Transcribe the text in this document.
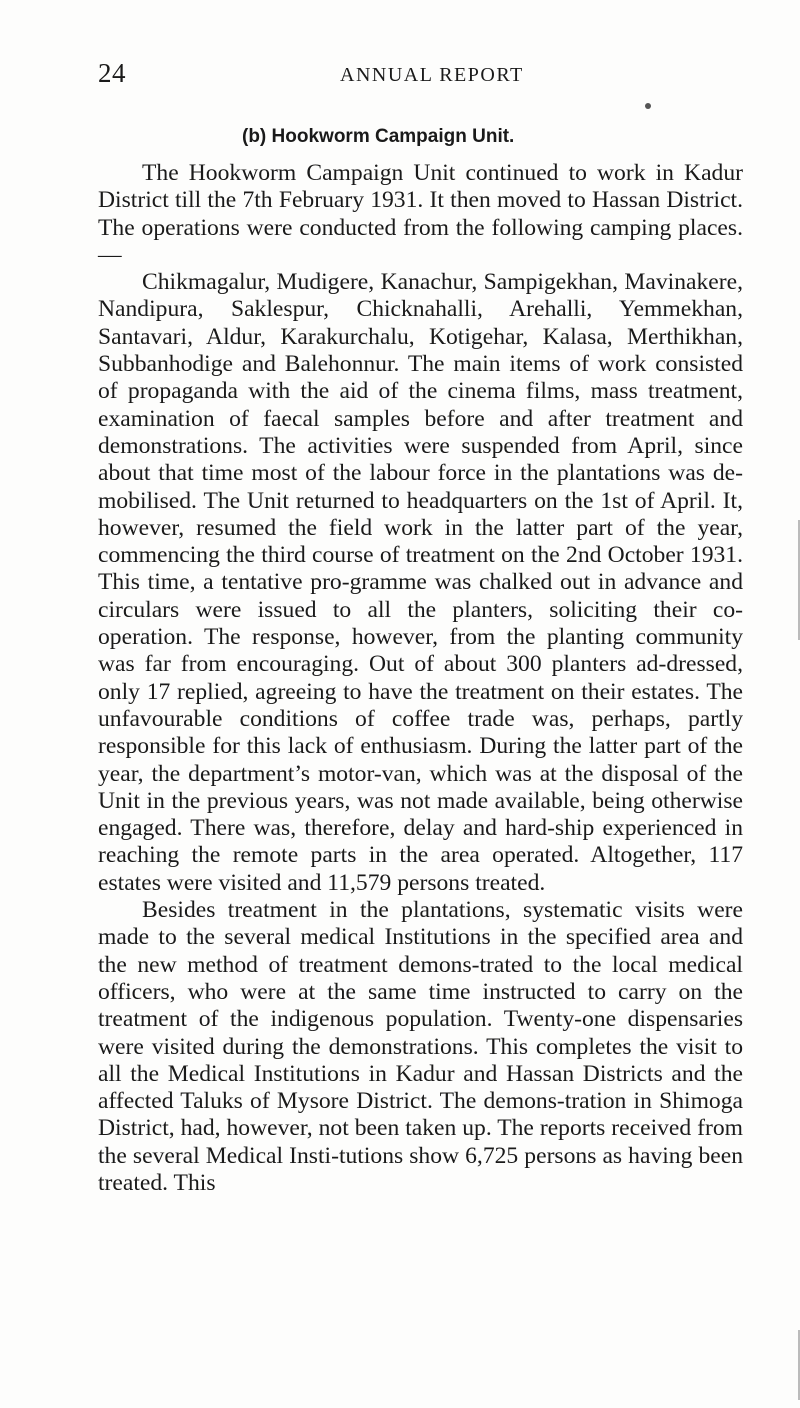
24	ANNUAL REPORT
(b) Hookworm Campaign Unit.

The Hookworm Campaign Unit continued to work in Kadur District till the 7th February 1931. It then moved to Hassan District. The operations were conducted from the following camping places.—

Chikmagalur, Mudigere, Kanachur, Sampigekhan, Mavinakere, Nandipura, Saklespur, Chicknahalli, Arehalli, Yemmekhan, Santavari, Aldur, Karakurchalu, Kotigehar, Kalasa, Merthikhan, Subbanhodige and Balehonnur. The main items of work consisted of propaganda with the aid of the cinema films, mass treatment, examination of faecal samples before and after treatment and demonstrations. The activities were suspended from April, since about that time most of the labour force in the plantations was de-mobilised. The Unit returned to headquarters on the 1st of April. It, however, resumed the field work in the latter part of the year, commencing the third course of treatment on the 2nd October 1931. This time, a tentative pro-gramme was chalked out in advance and circulars were issued to all the planters, soliciting their co-operation. The response, however, from the planting community was far from encouraging. Out of about 300 planters ad-dressed, only 17 replied, agreeing to have the treatment on their estates. The unfavourable conditions of coffee trade was, perhaps, partly responsible for this lack of enthusiasm. During the latter part of the year, the department’s motor-van, which was at the disposal of the Unit in the previous years, was not made available, being otherwise engaged. There was, therefore, delay and hard-ship experienced in reaching the remote parts in the area operated. Altogether, 117 estates were visited and 11,579 persons treated.

Besides treatment in the plantations, systematic visits were made to the several medical Institutions in the specified area and the new method of treatment demons-trated to the local medical officers, who were at the same time instructed to carry on the treatment of the indigenous population. Twenty-one dispensaries were visited during the demonstrations. This completes the visit to all the Medical Institutions in Kadur and Hassan Districts and the affected Taluks of Mysore District. The demons-tration in Shimoga District, had, however, not been taken up. The reports received from the several Medical Insti-tutions show 6,725 persons as having been treated. This
